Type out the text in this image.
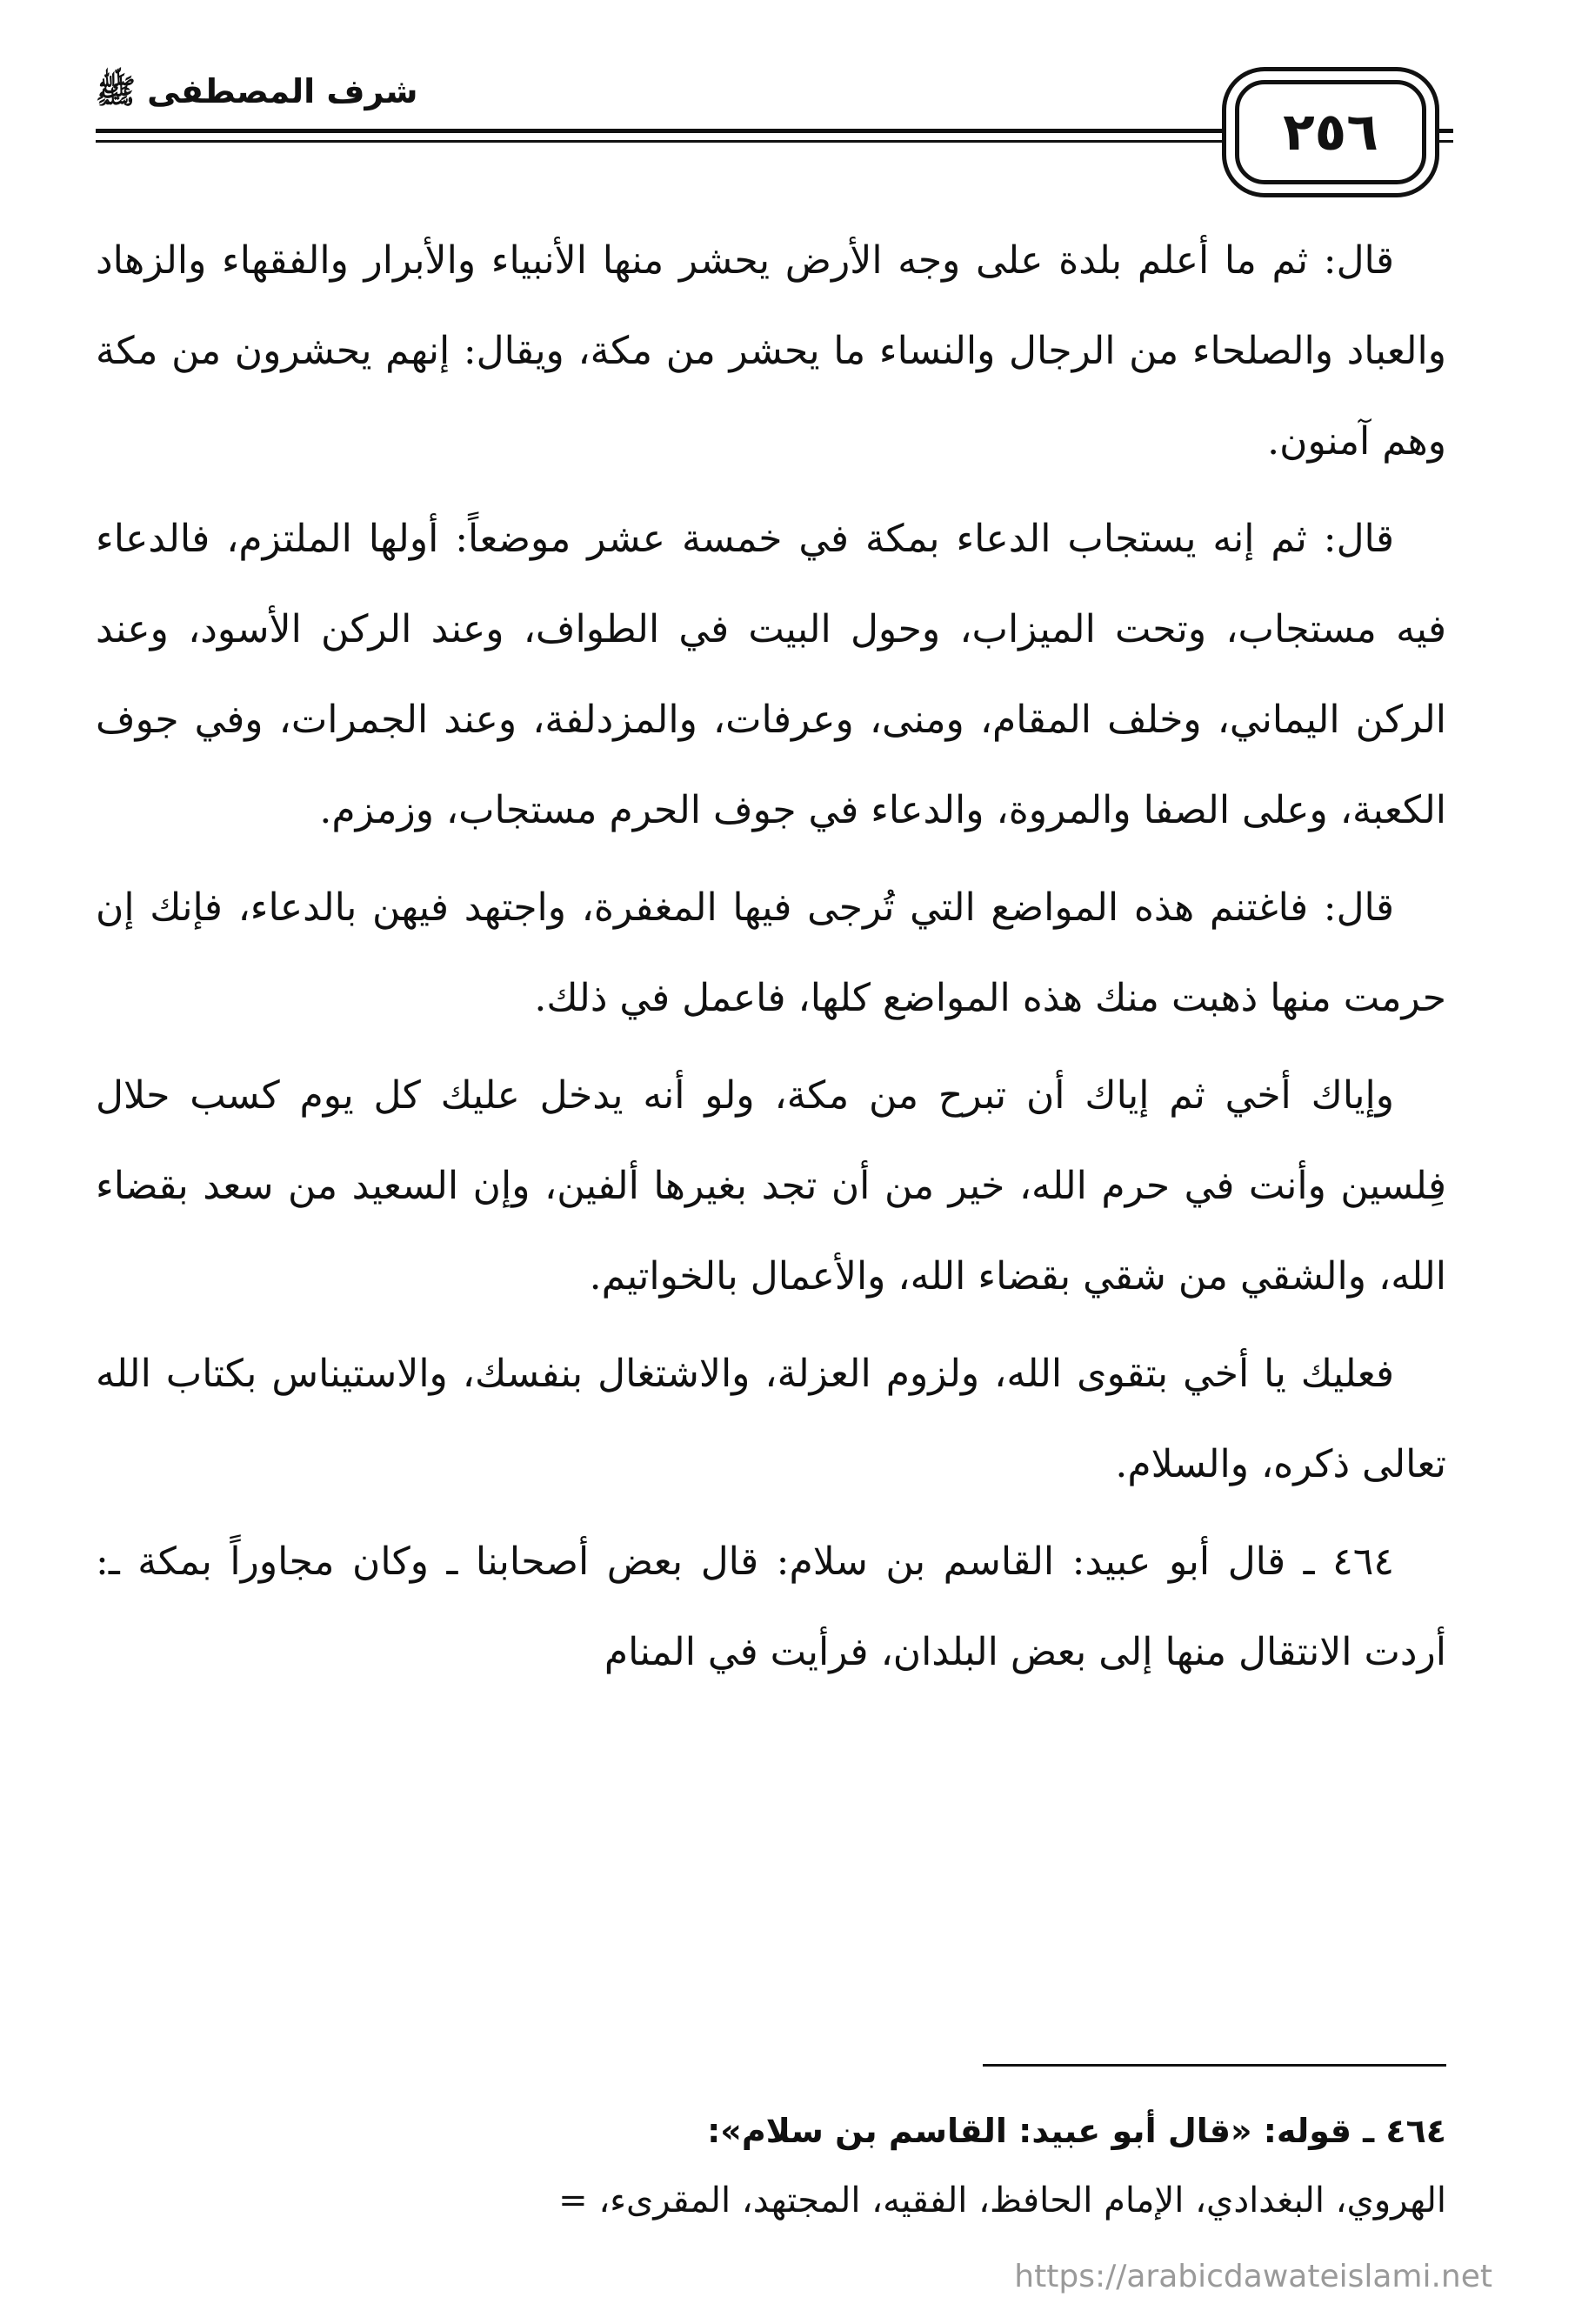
٢٥٦
شرف المصطفى ﷺ

قال: ثم ما أعلم بلدة على وجه الأرض يحشر منها الأنبياء والأبرار والفقهاء والزهاد والعباد والصلحاء من الرجال والنساء ما يحشر من مكة، ويقال: إنهم يحشرون من مكة وهم آمنون.

قال: ثم إنه يستجاب الدعاء بمكة في خمسة عشر موضعاً: أولها الملتزم، فالدعاء فيه مستجاب، وتحت الميزاب، وحول البيت في الطواف، وعند الركن الأسود، وعند الركن اليماني، وخلف المقام، ومنى، وعرفات، والمزدلفة، وعند الجمرات، وفي جوف الكعبة، وعلى الصفا والمروة، والدعاء في جوف الحرم مستجاب، وزمزم.

قال: فاغتنم هذه المواضع التي تُرجى فيها المغفرة، واجتهد فيهن بالدعاء، فإنك إن حرمت منها ذهبت منك هذه المواضع كلها، فاعمل في ذلك.

وإياك أخي ثم إياك أن تبرح من مكة، ولو أنه يدخل عليك كل يوم كسب حلال فِلسين وأنت في حرم الله، خير من أن تجد بغيرها ألفين، وإن السعيد من سعد بقضاء الله، والشقي من شقي بقضاء الله، والأعمال بالخواتيم.

فعليك يا أخي بتقوى الله، ولزوم العزلة، والاشتغال بنفسك، والاستيناس بكتاب الله تعالى ذكره، والسلام.

٤٦٤ ـ قال أبو عبيد: القاسم بن سلام: قال بعض أصحابنا ـ وكان مجاوراً بمكة ـ: أردت الانتقال منها إلى بعض البلدان، فرأيت في المنام

٤٦٤ ـ قوله: «قال أبو عبيد: القاسم بن سلام»:
الهروي، البغدادي، الإمام الحافظ، الفقيه، المجتهد، المقرىء، =
https://arabicdawateislami.net
